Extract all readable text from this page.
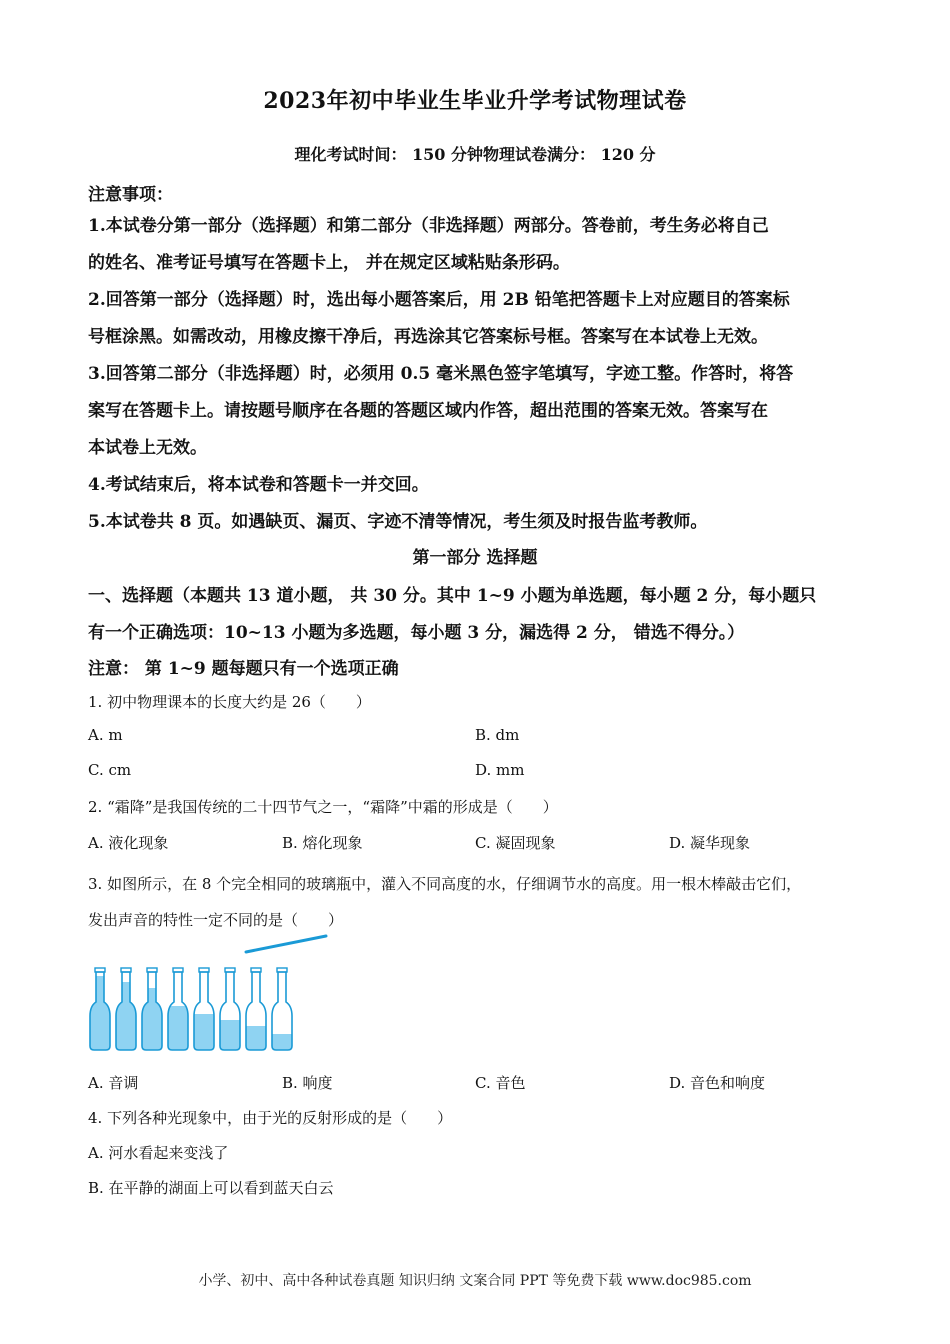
2023年初中毕业生毕业升学考试物理试卷
理化考试时间： 150 分钟物理试卷满分： 120 分
注意事项：

1.本试卷分第一部分（选择题）和第二部分（非选择题）两部分。答卷前，考生务必将自己

的姓名、准考证号填写在答题卡上， 并在规定区域粘贴条形码。

2.回答第一部分（选择题）时，选出每小题答案后，用 2B 铅笔把答题卡上对应题目的答案标

号框涂黑。如需改动，用橡皮擦干净后，再选涂其它答案标号框。答案写在本试卷上无效。

3.回答第二部分（非选择题）时，必须用 0.5 毫米黑色签字笔填写，字迹工整。作答时，将答

案写在答题卡上。请按题号顺序在各题的答题区域内作答，超出范围的答案无效。答案写在

本试卷上无效。

4.考试结束后，将本试卷和答题卡一并交回。

5.本试卷共 8 页。如遇缺页、漏页、字迹不清等情况，考生须及时报告监考教师。

第一部分 选择题

一、选择题（本题共 13 道小题， 共 30 分。其中 1~9 小题为单选题，每小题 2 分，每小题只

有一个正确选项：10~13 小题为多选题，每小题 3 分，漏选得 2 分， 错选不得分。）

注意： 第 1~9 题每题只有一个选项正确
1. 初中物理课本的长度大约是 26（　　）
A. m	B. dm
C. cm	D. mm
2. “霜降”是我国传统的二十四节气之一，“霜降”中霜的形成是（　　）
A. 液化现象	B. 熔化现象	C. 凝固现象	D. 凝华现象

3. 如图所示，在 8 个完全相同的玻璃瓶中，灌入不同高度的水，仔细调节水的高度。用一根木棒敲击它们，

发出声音的特性一定不同的是（　　）

A. 音调	B. 响度	C. 音色	D. 音色和响度
4. 下列各种光现象中，由于光的反射形成的是（　　）
A. 河水看起来变浅了
B. 在平静的湖面上可以看到蓝天白云
小学、初中、高中各种试卷真题 知识归纳 文案合同 PPT 等免费下载 www.doc985.com
